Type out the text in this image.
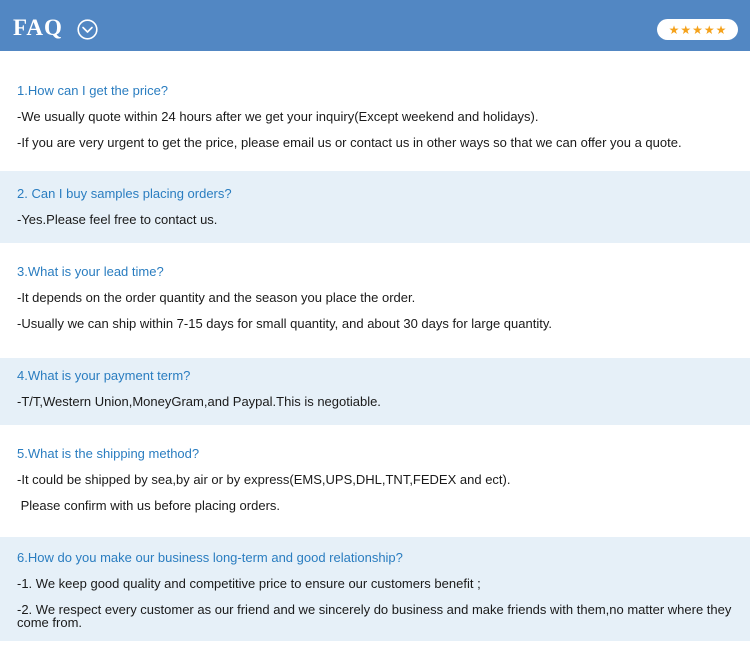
FAQ	★ ★ ★ ★ ★
1.How can I get the price?
-We usually quote within 24 hours after we get your inquiry(Except weekend and holidays).
-If you are very urgent to get the price, please email us or contact us in other ways so that we can offer you a quote.
2. Can I buy samples placing orders?
-Yes.Please feel free to contact us.
3.What is your lead time?
-It depends on the order quantity and the season you place the order.
-Usually we can ship within 7-15 days for small quantity, and about 30 days for large quantity.
4.What is your payment term?
-T/T,Western Union,MoneyGram,and Paypal.This is negotiable.
5.What is the shipping method?
-It could be shipped by sea,by air or by express(EMS,UPS,DHL,TNT,FEDEX and ect).
Please confirm with us before placing orders.
6.How do you make our business long-term and good relationship?
-1. We keep good quality and competitive price to ensure our customers benefit ;
-2. We respect every customer as our friend and we sincerely do business and make friends with them,no matter where they come from.
